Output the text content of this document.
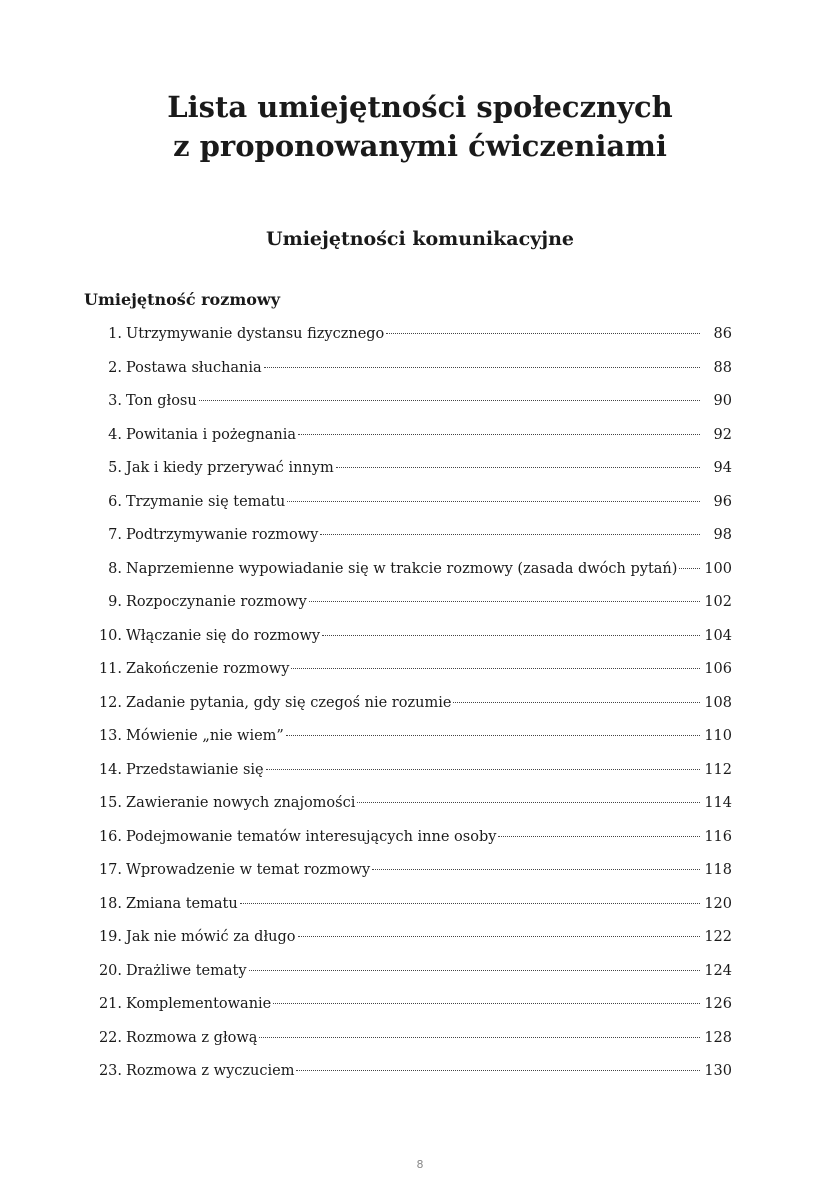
Lista umiejętności społecznych
z proponowanymi ćwiczeniami
Umiejętności komunikacyjne
Umiejętność rozmowy
1. Utrzymywanie dystansu fizycznego	86
2. Postawa słuchania	88
3. Ton głosu	90
4. Powitania i pożegnania	92
5. Jak i kiedy przerywać innym	94
6. Trzymanie się tematu	96
7. Podtrzymywanie rozmowy	98
8. Naprzemienne wypowiadanie się w trakcie rozmowy (zasada dwóch pytań) 100
9. Rozpoczynanie rozmowy	102
10. Włączanie się do rozmowy	104
11. Zakończenie rozmowy	106
12. Zadanie pytania, gdy się czegoś nie rozumie	108
13. Mówienie „nie wiem”	110
14. Przedstawianie się	112
15. Zawieranie nowych znajomości	114
16. Podejmowanie tematów interesujących inne osoby	116
17. Wprowadzenie w temat rozmowy	118
18. Zmiana tematu	120
19. Jak nie mówić za długo	122
20. Drażliwe tematy	124
21. Komplementowanie	126
22. Rozmowa z głową	128
23. Rozmowa z wyczuciem	130
8
